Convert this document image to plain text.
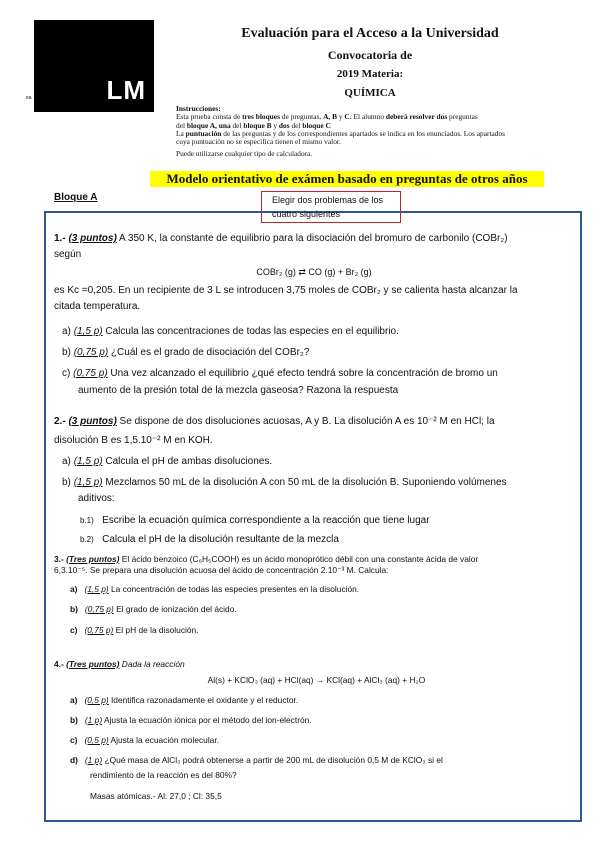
LM
ea
Evaluación para el Acceso a la Universidad
Convocatoria de
2019 Materia:
QUÍMICA
Instrucciones:
Esta prueba consta de tres bloques de preguntas, A, B y C. El alumno deberá resolver dos preguntas
del bloque A, una del bloque B y dos del bloque C
La puntuación de las preguntas y de los correspondientes apartados se indica en los enunciados. Los apartados
cuya puntuación no se especifica tienen el mismo valor.
Puede utilizarse cualquier tipo de calculadora.
Modelo orientativo de exámen basado en preguntas de otros años
Bloque A	Elegir dos problemas de los
cuatro siguientes
1.- (3 puntos) A 350 K, la constante de equilibrio para la disociación del bromuro de carbonilo (COBr₂)
según
COBr₂ (g) ⇄ CO (g) + Br₂ (g)
es Kc =0,205. En un recipiente de 3 L se introducen 3,75 moles de COBr₂ y se calienta hasta alcanzar la
citada temperatura.
a) (1,5 p) Calcula las concentraciones de todas las especies en el equilibrio.
b) (0,75 p) ¿Cuál es el grado de disociación del COBr₂?
c) (0,75 p) Una vez alcanzado el equilibrio ¿qué efecto tendrá sobre la concentración de bromo un
aumento de la presión total de la mezcla gaseosa? Razona la respuesta
2.- (3 puntos) Se dispone de dos disoluciones acuosas, A y B. La disolución A es 10⁻² M en HCl; la
disolución B es 1,5.10⁻² M en KOH.
a) (1,5 p) Calcula el pH de ambas disoluciones.
b) (1,5 p) Mezclamos 50 mL de la disolución A con 50 mL de la disolución B. Suponiendo volúmenes
aditivos:
b.1) Escribe la ecuación química correspondiente a la reacción que tiene lugar
b.2) Calcula el pH de la disolución resultante de la mezcla
3.- (Tres puntos) El ácido benzoico (C₆H₅COOH) es un ácido monoprótico débil con una constante ácida de valor
6,3.10⁻⁵. Se prepara una disolución acuosa del ácido de concentración 2.10⁻³ M. Calcula:
a) (1,5 p) La concentración de todas las especies presentes en la disolución.
b) (0,75 p) El grado de ionización del ácido.
c) (0,75 p) El pH de la disolución.
4.- (Tres puntos) Dada la reacción
Al(s) + KClO₃ (aq) + HCl(aq) → KCl(aq) + AlCl₃ (aq) + H₂O
a) (0,5 p) Identifica razonadamente el oxidante y el reductor.
b) (1 p) Ajusta la ecuación iónica por el método del ion-electrón.
c) (0,5 p) Ajusta la ecuación molecular.
d) (1 p) ¿Qué masa de AlCl₃ podrá obtenerse a partir de 200 mL de disolución 0,5 M de KClO₃ si el
rendimiento de la reacción es del 80%?
Masas atómicas.- Al: 27,0 ; Cl: 35,5
